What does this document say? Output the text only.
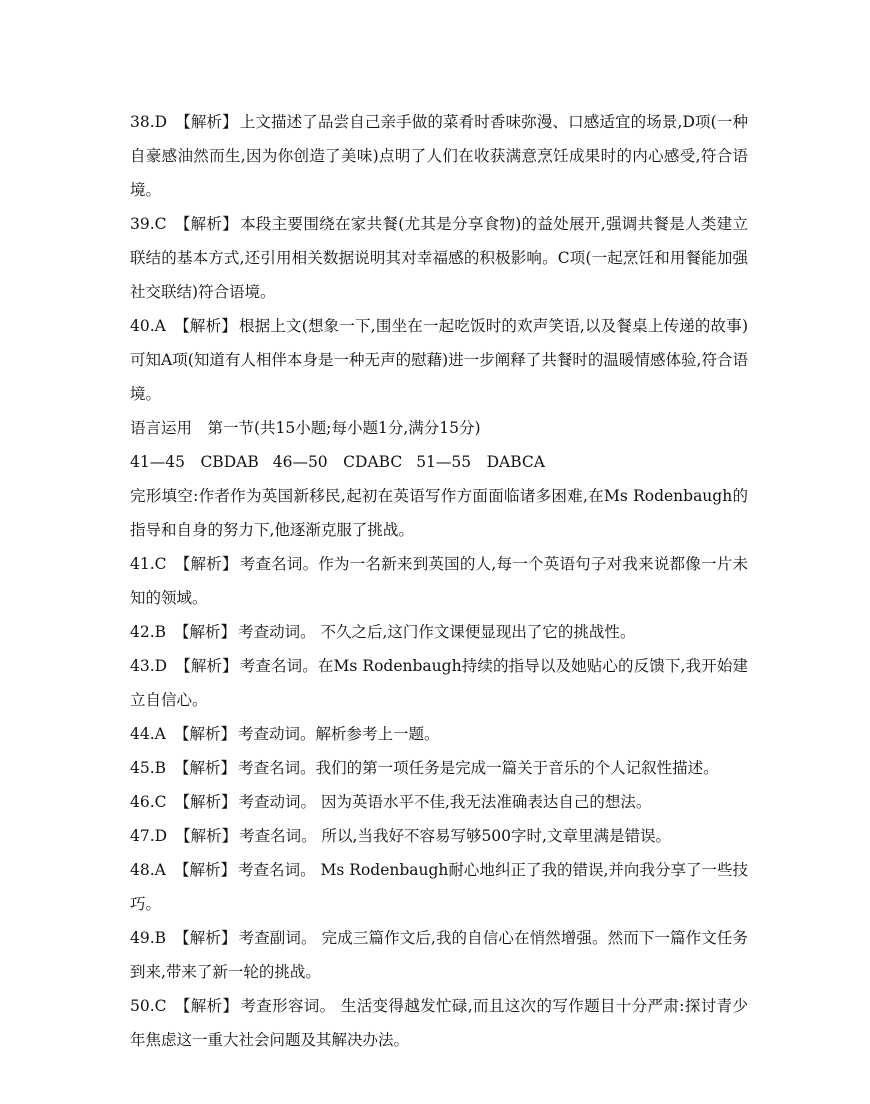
38.D 【解析】 上文描述了品尝自己亲手做的菜肴时香味弥漫、口感适宜的场景,D项(一种自豪感油然而生,因为你创造了美味)点明了人们在收获满意烹饪成果时的内心感受,符合语境。

39.C 【解析】 本段主要围绕在家共餐(尤其是分享食物)的益处展开,强调共餐是人类建立联结的基本方式,还引用相关数据说明其对幸福感的积极影响。C项(一起烹饪和用餐能加强社交联结)符合语境。

40.A 【解析】 根据上文(想象一下,围坐在一起吃饭时的欢声笑语,以及餐桌上传递的故事)可知A项(知道有人相伴本身是一种无声的慰藉)进一步阐释了共餐时的温暖情感体验,符合语境。

语言运用　第一节(共15小题;每小题1分,满分15分)

41—45　CBDAB 46—50　CDABC 51—55　DABCA

完形填空:作者作为英国新移民,起初在英语写作方面面临诸多困难,在Ms Rodenbaugh的指导和自身的努力下,他逐渐克服了挑战。

41.C 【解析】 考查名词。作为一名新来到英国的人,每一个英语句子对我来说都像一片未知的领域。

42.B 【解析】 考查动词。 不久之后,这门作文课便显现出了它的挑战性。

43.D 【解析】 考查名词。在Ms Rodenbaugh持续的指导以及她贴心的反馈下,我开始建立自信心。

44.A 【解析】 考查动词。解析参考上一题。

45.B 【解析】 考查名词。我们的第一项任务是完成一篇关于音乐的个人记叙性描述。

46.C 【解析】 考查动词。 因为英语水平不佳,我无法准确表达自己的想法。

47.D 【解析】 考查名词。 所以,当我好不容易写够500字时,文章里满是错误。

48.A 【解析】 考查名词。 Ms Rodenbaugh耐心地纠正了我的错误,并向我分享了一些技巧。

49.B 【解析】 考查副词。 完成三篇作文后,我的自信心在悄然增强。然而下一篇作文任务到来,带来了新一轮的挑战。

50.C 【解析】 考查形容词。 生活变得越发忙碌,而且这次的写作题目十分严肃:探讨青少年焦虑这一重大社会问题及其解决办法。
